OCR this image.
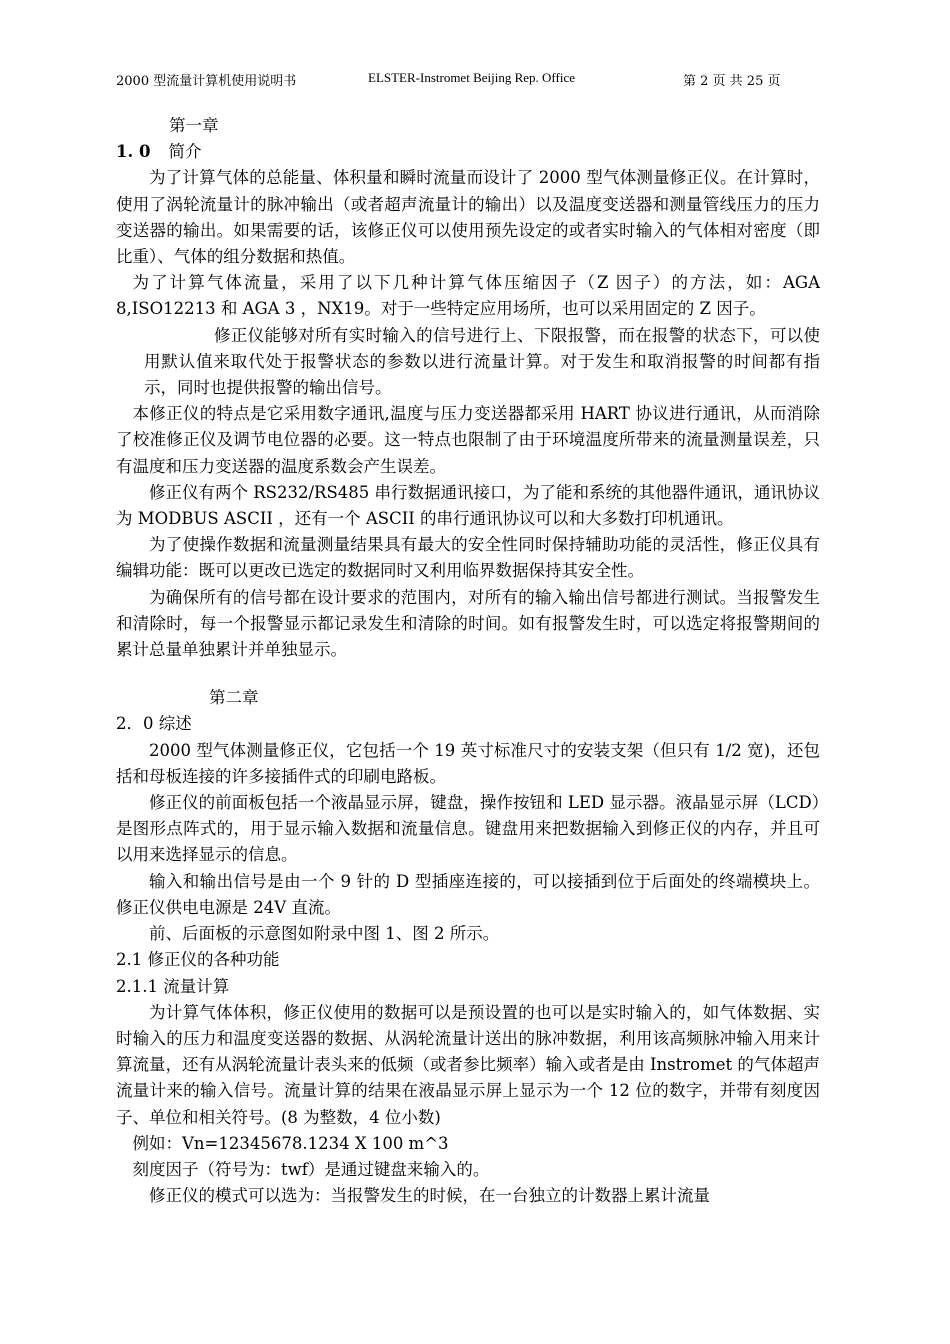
2000 型流量计算机使用说明书	ELSTER-Instromet Beijing Rep. Office	第 2 页 共 25 页

第一章

1. 0 简介

为了计算气体的总能量、体积量和瞬时流量而设计了 2000 型气体测量修正仪。在计算时，使用了涡轮流量计的脉冲输出（或者超声流量计的输出）以及温度变送器和测量管线压力的压力变送器的输出。如果需要的话，该修正仪可以使用预先设定的或者实时输入的气体相对密度（即比重）、气体的组分数据和热值。

为了计算气体流量，采用了以下几种计算气体压缩因子（Z 因子）的方法，如：AGA 8,ISO12213 和 AGA 3 ，NX19。对于一些特定应用场所，也可以采用固定的 Z 因子。

修正仪能够对所有实时输入的信号进行上、下限报警，而在报警的状态下，可以使用默认值来取代处于报警状态的参数以进行流量计算。对于发生和取消报警的时间都有指示，同时也提供报警的输出信号。

本修正仪的特点是它采用数字通讯,温度与压力变送器都采用 HART 协议进行通讯，从而消除了校准修正仪及调节电位器的必要。这一特点也限制了由于环境温度所带来的流量测量误差，只有温度和压力变送器的温度系数会产生误差。

修正仪有两个 RS232/RS485 串行数据通讯接口，为了能和系统的其他器件通讯，通讯协议为 MODBUS ASCII ，还有一个 ASCII 的串行通讯协议可以和大多数打印机通讯。

为了使操作数据和流量测量结果具有最大的安全性同时保持辅助功能的灵活性，修正仪具有编辑功能：既可以更改已选定的数据同时又利用临界数据保持其安全性。

为确保所有的信号都在设计要求的范围内，对所有的输入输出信号都进行测试。当报警发生和清除时，每一个报警显示都记录发生和清除的时间。如有报警发生时，可以选定将报警期间的累计总量单独累计并单独显示。

第二章

2．0 综述

2000 型气体测量修正仪，它包括一个 19 英寸标准尺寸的安装支架（但只有 1/2 宽)，还包括和母板连接的许多接插件式的印刷电路板。

修正仪的前面板包括一个液晶显示屏，键盘，操作按钮和 LED 显示器。液晶显示屏（LCD）是图形点阵式的，用于显示输入数据和流量信息。键盘用来把数据输入到修正仪的内存，并且可以用来选择显示的信息。

输入和输出信号是由一个 9 针的 D 型插座连接的，可以接插到位于后面处的终端模块上。修正仪供电电源是 24V 直流。

前、后面板的示意图如附录中图 1、图 2 所示。

2.1 修正仪的各种功能

2.1.1 流量计算

为计算气体体积，修正仪使用的数据可以是预设置的也可以是实时输入的，如气体数据、实时输入的压力和温度变送器的数据、从涡轮流量计送出的脉冲数据，利用该高频脉冲输入用来计算流量，还有从涡轮流量计表头来的低频（或者参比频率）输入或者是由 Instromet 的气体超声流量计来的输入信号。流量计算的结果在液晶显示屏上显示为一个 12 位的数字，并带有刻度因子、单位和相关符号。(8 为整数，4 位小数)

例如：Vn=12345678.1234 X 100 m^3

刻度因子（符号为：twf）是通过键盘来输入的。

修正仪的模式可以选为：当报警发生的时候，在一台独立的计数器上累计流量
